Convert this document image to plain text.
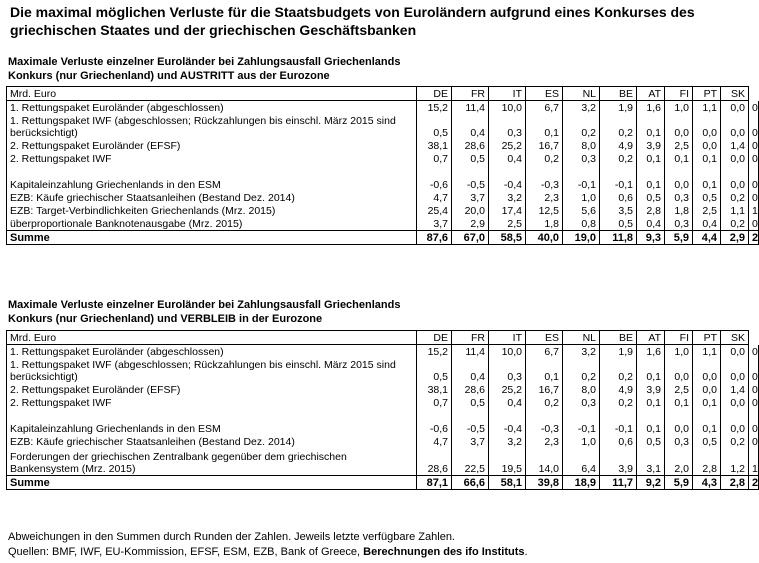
Die maximal möglichen Verluste für die Staatsbudgets von Euroländern aufgrund eines Konkurses des
griechischen Staates und der griechischen Geschäftsbanken
Maximale Verluste einzelner Euroländer bei Zahlungsausfall Griechenlands
Konkurs (nur Griechenland) und AUSTRITT aus der Eurozone
Mrd. Euro	DE	FR	IT	ES	NL	BE	AT	FI	PT	SK	
1. Rettungspaket Euroländer (abgeschlossen)	15,2	11,4	10,0	6,7	3,2	1,9	1,6	1,0	1,1	0,0	0
1. Rettungspaket IWF (abgeschlossen; Rückzahlungen bis einschl. März 2015 sind berücksichtigt)	0,5	0,4	0,3	0,1	0,2	0,2	0,1	0,0	0,0	0,0	0
2. Rettungspaket Euroländer (EFSF)	38,1	28,6	25,2	16,7	8,0	4,9	3,9	2,5	0,0	1,4	0
2. Rettungspaket IWF	0,7	0,5	0,4	0,2	0,3	0,2	0,1	0,1	0,1	0,0	0
Kapitaleinzahlung Griechenlands in den ESM	-0,6	-0,5	-0,4	-0,3	-0,1	-0,1	0,1	0,0	0,1	0,0	0
EZB: Käufe griechischer Staatsanleihen (Bestand Dez. 2014)	4,7	3,7	3,2	2,3	1,0	0,6	0,5	0,3	0,5	0,2	0
EZB: Target-Verbindlichkeiten Griechenlands (Mrz. 2015)	25,4	20,0	17,4	12,5	5,6	3,5	2,8	1,8	2,5	1,1	1
überproportionale Banknotenausgabe (Mrz. 2015)	3,7	2,9	2,5	1,8	0,8	0,5	0,4	0,3	0,4	0,2	0
Summe	87,6	67,0	58,5	40,0	19,0	11,8	9,3	5,9	4,4	2,9	2
Maximale Verluste einzelner Euroländer bei Zahlungsausfall Griechenlands
Konkurs (nur Griechenland) und VERBLEIB in der Eurozone
Mrd. Euro	DE	FR	IT	ES	NL	BE	AT	FI	PT	SK	
1. Rettungspaket Euroländer (abgeschlossen)	15,2	11,4	10,0	6,7	3,2	1,9	1,6	1,0	1,1	0,0	0
1. Rettungspaket IWF (abgeschlossen; Rückzahlungen bis einschl. März 2015 sind berücksichtigt)	0,5	0,4	0,3	0,1	0,2	0,2	0,1	0,0	0,0	0,0	0
2. Rettungspaket Euroländer (EFSF)	38,1	28,6	25,2	16,7	8,0	4,9	3,9	2,5	0,0	1,4	0
2. Rettungspaket IWF	0,7	0,5	0,4	0,2	0,3	0,2	0,1	0,1	0,1	0,0	0
Kapitaleinzahlung Griechenlands in den ESM	-0,6	-0,5	-0,4	-0,3	-0,1	-0,1	0,1	0,0	0,1	0,0	0
EZB: Käufe griechischer Staatsanleihen (Bestand Dez. 2014)	4,7	3,7	3,2	2,3	1,0	0,6	0,5	0,3	0,5	0,2	0
Forderungen der griechischen Zentralbank gegenüber dem griechischen Bankensystem (Mrz. 2015)	28,6	22,5	19,5	14,0	6,4	3,9	3,1	2,0	2,8	1,2	1
Summe	87,1	66,6	58,1	39,8	18,9	11,7	9,2	5,9	4,3	2,8	2
Abweichungen in den Summen durch Runden der Zahlen. Jeweils letzte verfügbare Zahlen.
Quellen: BMF, IWF, EU-Kommission, EFSF, ESM, EZB, Bank of Greece, Berechnungen des ifo Instituts.
